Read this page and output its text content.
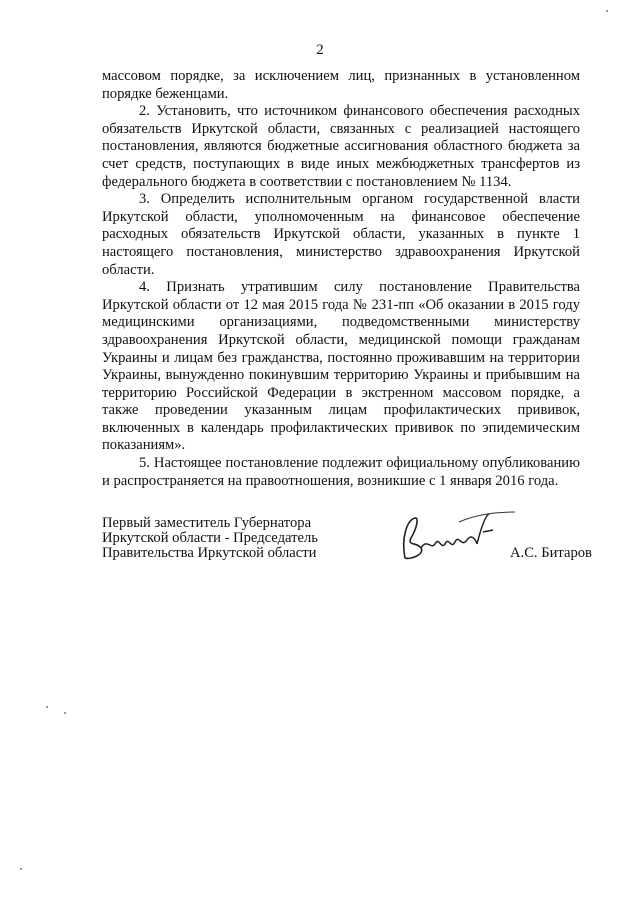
2

массовом порядке, за исключением лиц, признанных в установленном порядке беженцами.

2. Установить, что источником финансового обеспечения расходных обязательств Иркутской области, связанных с реализацией настоящего постановления, являются бюджетные ассигнования областного бюджета за счет средств, поступающих в виде иных межбюджетных трансфертов из федерального бюджета в соответствии с постановлением № 1134.

3. Определить исполнительным органом государственной власти Иркутской области, уполномоченным на финансовое обеспечение расходных обязательств Иркутской области, указанных в пункте 1 настоящего постановления, министерство здравоохранения Иркутской области.

4. Признать утратившим силу постановление Правительства Иркутской области от 12 мая 2015 года № 231-пп «Об оказании в 2015 году медицинскими организациями, подведомственными министерству здравоохранения Иркутской области, медицинской помощи гражданам Украины и лицам без гражданства, постоянно проживавшим на территории Украины, вынужденно покинувшим территорию Украины и прибывшим на территорию Российской Федерации в экстренном массовом порядке, а также проведении указанным лицам профилактических прививок, включенных в календарь профилактических прививок по эпидемическим показаниям».

5. Настоящее постановление подлежит официальному опубликованию и распространяется на правоотношения, возникшие с 1 января 2016 года.

Первый заместитель Губернатора
Иркутской области - Председатель
Правительства Иркутской области	А.С. Битаров
